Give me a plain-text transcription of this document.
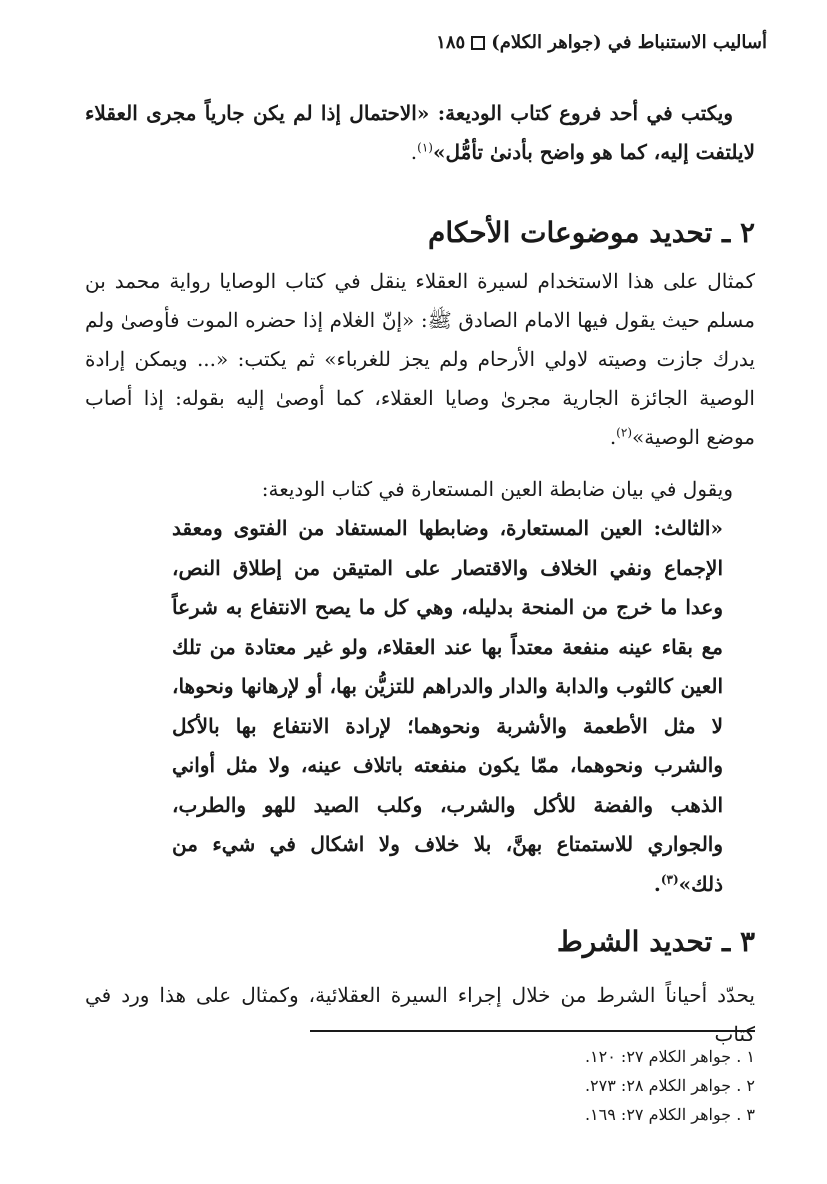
أساليب الاستنباط في (جواهر الكلام)١٨٥
ويكتب في أحد فروع كتاب الوديعة: «الاحتمال إذا لم يكن جارياً مجرى العقلاء لايلتفت إليه، كما هو واضح بأدنىٰ تأمُّل»$^{(١)}$.
٢ ـ تحديد موضوعات الأحكام
كمثال على هذا الاستخدام لسيرة العقلاء ينقل في كتاب الوصايا رواية محمد بن مسلم حيث يقول فيها الامام الصادق ﷺ: «إنّ الغلام إذا حضره الموت فأوصىٰ ولم يدرك جازت وصيته لاولي الأرحام ولم يجز للغرباء» ثم يكتب: «... ويمكن إرادة الوصية الجائزة الجارية مجرىٰ وصايا العقلاء، كما أوصىٰ إليه بقوله: إذا أصاب موضع الوصية»$^{(٢)}$.
ويقول في بيان ضابطة العين المستعارة في كتاب الوديعة:
«الثالث: العين المستعارة، وضابطها المستفاد من الفتوى ومعقد الإجماع ونفي الخلاف والاقتصار على المتيقن من إطلاق النص، وعدا ما خرج من المنحة بدليله، وهي كل ما يصح الانتفاع به شرعاً مع بقاء عينه منفعة معتداً بها عند العقلاء، ولو غير معتادة من تلك العين كالثوب والدابة والدار والدراهم للتزيُّن بها، أو لإرهانها ونحوها، لا مثل الأطعمة والأشربة ونحوهما؛ لإرادة الانتفاع بها بالأكل والشرب ونحوهما، ممّا يكون منفعته باتلاف عينه، ولا مثل أواني الذهب والفضة للأكل والشرب، وكلب الصيد للهو والطرب، والجواري للاستمتاع بهنَّ، بلا خلاف ولا اشكال في شيء من ذلك»$^{(٣)}$.
٣ ـ تحديد الشرط
يحدّد أحياناً الشرط من خلال إجراء السيرة العقلائية، وكمثال على هذا ورد في كتاب
١ . جواهر الكلام ٢٧: ١٢٠.
٢ . جواهر الكلام ٢٨: ٢٧٣.
٣ . جواهر الكلام ٢٧: ١٦٩.
